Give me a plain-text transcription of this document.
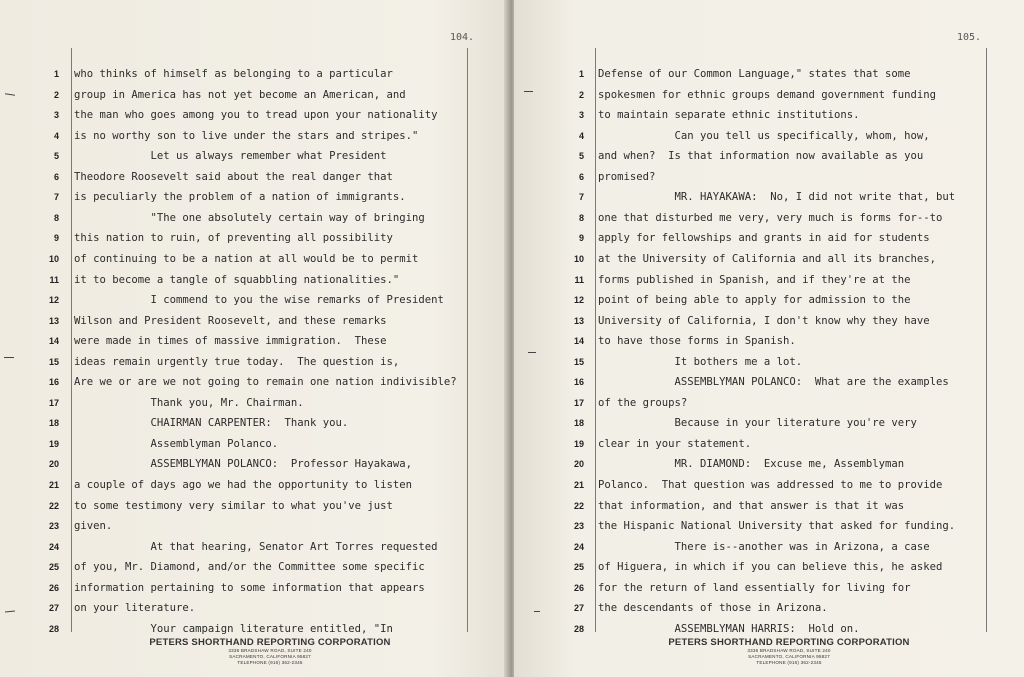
104.
1 who thinks of himself as belonging to a particular
2 group in America has not yet become an American, and
3 the man who goes among you to tread upon your nationality
4 is no worthy son to live under the stars and stripes."
5 Let us always remember what President
6 Theodore Roosevelt said about the real danger that
7 is peculiarly the problem of a nation of immigrants.
8 "The one absolutely certain way of bringing
9 this nation to ruin, of preventing all possibility
10 of continuing to be a nation at all would be to permit
11 it to become a tangle of squabbling nationalities."
12 I commend to you the wise remarks of President
13 Wilson and President Roosevelt, and these remarks
14 were made in times of massive immigration.  These
15 ideas remain urgently true today.  The question is,
16 Are we or are we not going to remain one nation indivisible?
17 Thank you, Mr. Chairman.
18 CHAIRMAN CARPENTER:  Thank you.
19 Assemblyman Polanco.
20 ASSEMBLYMAN POLANCO:  Professor Hayakawa,
21 a couple of days ago we had the opportunity to listen
22 to some testimony very similar to what you've just
23 given.
24 At that hearing, Senator Art Torres requested
25 of you, Mr. Diamond, and/or the Committee some specific
26 information pertaining to some information that appears
27 on your literature.
28 Your campaign literature entitled, "In
PETERS SHORTHAND REPORTING CORPORATION
3336 BRADSHAW ROAD, SUITE 240
SACRAMENTO, CALIFORNIA 95827
TELEPHONE (916) 362-2345
105.
1 Defense of our Common Language," states that some
2 spokesmen for ethnic groups demand government funding
3 to maintain separate ethnic institutions.
4 Can you tell us specifically, whom, how,
5 and when?  Is that information now available as you
6 promised?
7 MR. HAYAKAWA:  No, I did not write that, but
8 one that disturbed me very, very much is forms for--to
9 apply for fellowships and grants in aid for students
10 at the University of California and all its branches,
11 forms published in Spanish, and if they're at the
12 point of being able to apply for admission to the
13 University of California, I don't know why they have
14 to have those forms in Spanish.
15 It bothers me a lot.
16 ASSEMBLYMAN POLANCO:  What are the examples
17 of the groups?
18 Because in your literature you're very
19 clear in your statement.
20 MR. DIAMOND:  Excuse me, Assemblyman
21 Polanco.  That question was addressed to me to provide
22 that information, and that answer is that it was
23 the Hispanic National University that asked for funding.
24 There is--another was in Arizona, a case
25 of Higuera, in which if you can believe this, he asked
26 for the return of land essentially for living for
27 the descendants of those in Arizona.
28 ASSEMBLYMAN HARRIS:  Hold on.
PETERS SHORTHAND REPORTING CORPORATION
3336 BRADSHAW ROAD, SUITE 240
SACRAMENTO, CALIFORNIA 95827
TELEPHONE (916) 362-2345
